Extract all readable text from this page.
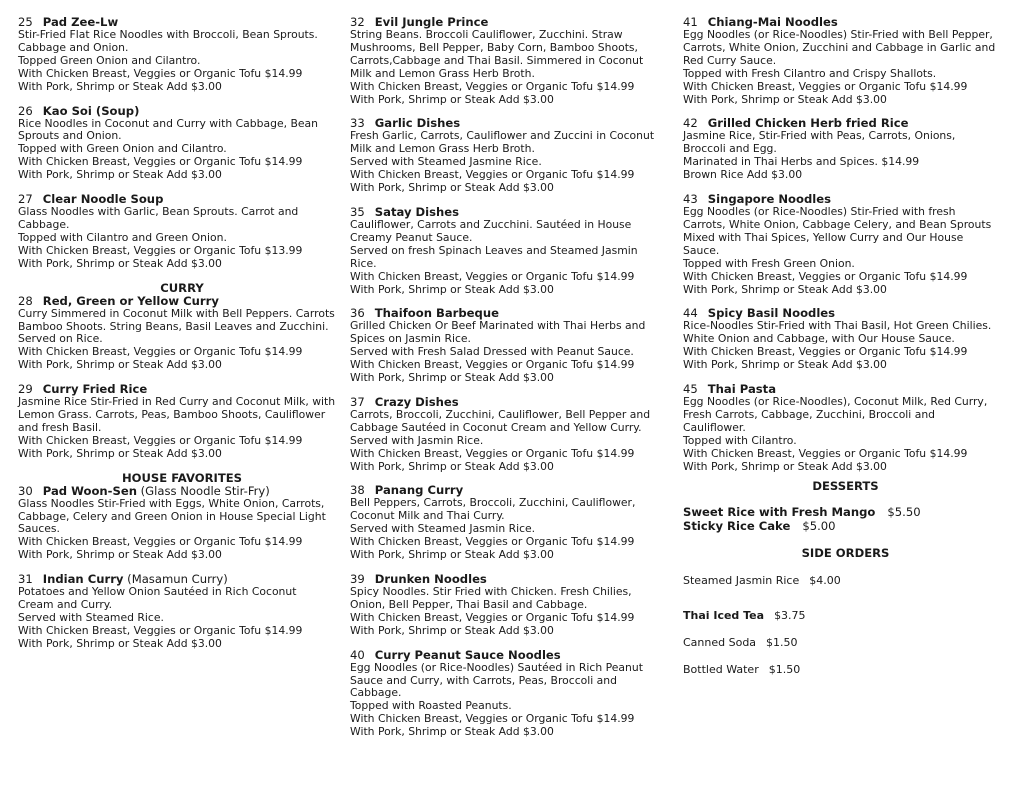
25 Pad Zee-Lw
Stir-Fried Flat Rice Noodles with Broccoli, Bean Sprouts.
Cabbage and Onion.
Topped Green Onion and Cilantro.
With Chicken Breast, Veggies or Organic Tofu $14.99
With Pork, Shrimp or Steak Add $3.00
26 Kao Soi (Soup)
Rice Noodles in Coconut and Curry with Cabbage, Bean
Sprouts and Onion.
Topped with Green Onion and Cilantro.
With Chicken Breast, Veggies or Organic Tofu $14.99
With Pork, Shrimp or Steak Add $3.00
27 Clear Noodle Soup
Glass Noodles with Garlic, Bean Sprouts. Carrot and
Cabbage.
Topped with Cilantro and Green Onion.
With Chicken Breast, Veggies or Organic Tofu $13.99
With Pork, Shrimp or Steak Add $3.00
CURRY
28 Red, Green or Yellow Curry
Curry Simmered in Coconut Milk with Bell Peppers. Carrots
Bamboo Shoots. String Beans, Basil Leaves and Zucchini.
Served on Rice.
With Chicken Breast, Veggies or Organic Tofu $14.99
With Pork, Shrimp or Steak Add $3.00
29 Curry Fried Rice
Jasmine Rice Stir-Fried in Red Curry and Coconut Milk, with
Lemon Grass. Carrots, Peas, Bamboo Shoots, Cauliflower
and fresh Basil.
With Chicken Breast, Veggies or Organic Tofu $14.99
With Pork, Shrimp or Steak Add $3.00
HOUSE FAVORITES
30 Pad Woon-Sen (Glass Noodle Stir-Fry)
Glass Noodles Stir-Fried with Eggs, White Onion, Carrots,
Cabbage, Celery and Green Onion in House Special Light
Sauces.
With Chicken Breast, Veggies or Organic Tofu $14.99
With Pork, Shrimp or Steak Add $3.00
31 Indian Curry (Masamun Curry)
Potatoes and Yellow Onion Sautéed in Rich Coconut
Cream and Curry.
Served with Steamed Rice.
With Chicken Breast, Veggies or Organic Tofu $14.99
With Pork, Shrimp or Steak Add $3.00
32 Evil Jungle Prince
String Beans. Broccoli Cauliflower, Zucchini. Straw
Mushrooms, Bell Pepper, Baby Corn, Bamboo Shoots,
Carrots,Cabbage and Thai Basil. Simmered in Coconut
Milk and Lemon Grass Herb Broth.
With Chicken Breast, Veggies or Organic Tofu $14.99
With Pork, Shrimp or Steak Add $3.00
33 Garlic Dishes
Fresh Garlic, Carrots, Cauliflower and Zuccini in Coconut
Milk and Lemon Grass Herb Broth.
Served with Steamed Jasmine Rice.
With Chicken Breast, Veggies or Organic Tofu $14.99
With Pork, Shrimp or Steak Add $3.00
35 Satay Dishes
Cauliflower, Carrots and Zucchini. Sautéed in House
Creamy Peanut Sauce.
Served on fresh Spinach Leaves and Steamed Jasmin
Rice.
With Chicken Breast, Veggies or Organic Tofu $14.99
With Pork, Shrimp or Steak Add $3.00
36 Thaifoon Barbeque
Grilled Chicken Or Beef Marinated with Thai Herbs and
Spices on Jasmin Rice.
Served with Fresh Salad Dressed with Peanut Sauce.
With Chicken Breast, Veggies or Organic Tofu $14.99
With Pork, Shrimp or Steak Add $3.00
37 Crazy Dishes
Carrots, Broccoli, Zucchini, Cauliflower, Bell Pepper and
Cabbage Sautéed in Coconut Cream and Yellow Curry.
Served with Jasmin Rice.
With Chicken Breast, Veggies or Organic Tofu $14.99
With Pork, Shrimp or Steak Add $3.00
38 Panang Curry
Bell Peppers, Carrots, Broccoli, Zucchini, Cauliflower,
Coconut Milk and Thai Curry.
Served with Steamed Jasmin Rice.
With Chicken Breast, Veggies or Organic Tofu $14.99
With Pork, Shrimp or Steak Add $3.00
39 Drunken Noodles
Spicy Noodles. Stir Fried with Chicken. Fresh Chilies,
Onion, Bell Pepper, Thai Basil and Cabbage.
With Chicken Breast, Veggies or Organic Tofu $14.99
With Pork, Shrimp or Steak Add $3.00
40 Curry Peanut Sauce Noodles
Egg Noodles (or Rice-Noodles) Sautéed in Rich Peanut
Sauce and Curry, with Carrots, Peas, Broccoli and
Cabbage.
Topped with Roasted Peanuts.
With Chicken Breast, Veggies or Organic Tofu $14.99
With Pork, Shrimp or Steak Add $3.00
41 Chiang-Mai Noodles
Egg Noodles (or Rice-Noodles) Stir-Fried with Bell Pepper,
Carrots, White Onion, Zucchini and Cabbage in Garlic and
Red Curry Sauce.
Topped with Fresh Cilantro and Crispy Shallots.
With Chicken Breast, Veggies or Organic Tofu $14.99
With Pork, Shrimp or Steak Add $3.00
42 Grilled Chicken Herb fried Rice
Jasmine Rice, Stir-Fried with Peas, Carrots, Onions,
Broccoli and Egg.
Marinated in Thai Herbs and Spices. $14.99
Brown Rice Add $3.00
43 Singapore Noodles
Egg Noodles (or Rice-Noodles) Stir-Fried with fresh
Carrots, White Onion, Cabbage Celery, and Bean Sprouts
Mixed with Thai Spices, Yellow Curry and Our House
Sauce.
Topped with Fresh Green Onion.
With Chicken Breast, Veggies or Organic Tofu $14.99
With Pork, Shrimp or Steak Add $3.00
44 Spicy Basil Noodles
Rice-Noodles Stir-Fried with Thai Basil, Hot Green Chilies.
White Onion and Cabbage, with Our House Sauce.
With Chicken Breast, Veggies or Organic Tofu $14.99
With Pork, Shrimp or Steak Add $3.00
45 Thai Pasta
Egg Noodles (or Rice-Noodles), Coconut Milk, Red Curry,
Fresh Carrots, Cabbage, Zucchini, Broccoli and
Cauliflower.
Topped with Cilantro.
With Chicken Breast, Veggies or Organic Tofu $14.99
With Pork, Shrimp or Steak Add $3.00
DESSERTS
Sweet Rice with Fresh Mango $5.50
Sticky Rice Cake $5.00
SIDE ORDERS
Steamed Jasmin Rice $4.00
Thai Iced Tea $3.75
Canned Soda $1.50
Bottled Water $1.50
